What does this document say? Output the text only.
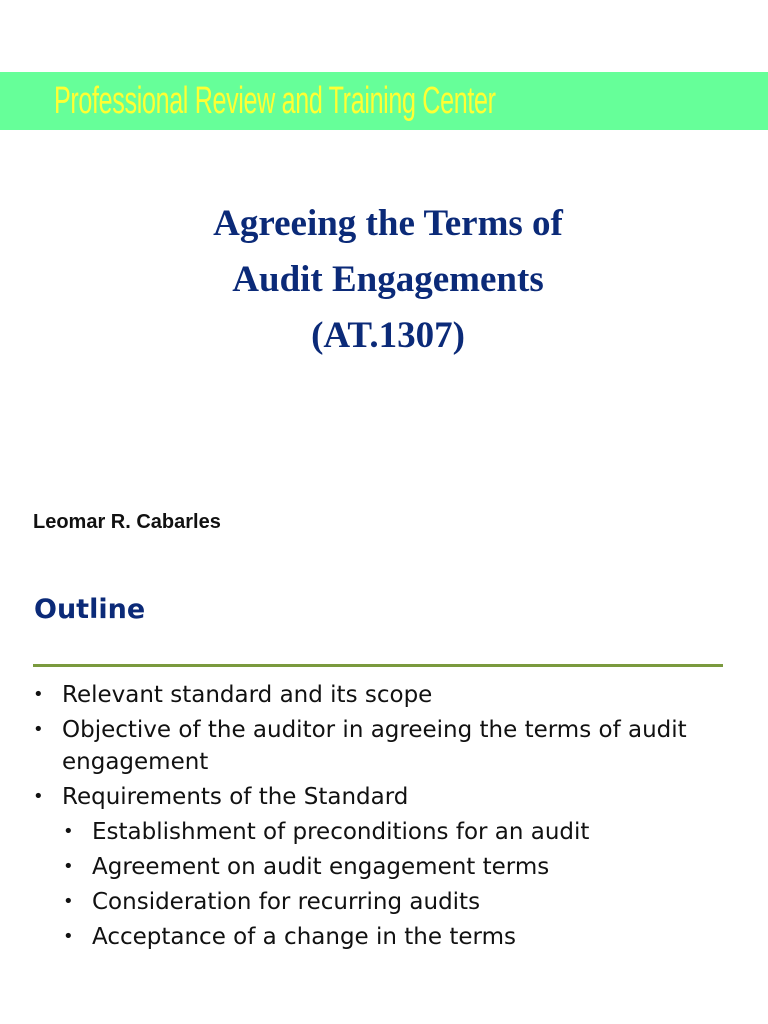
Professional Review and Training Center
Agreeing the Terms of
Audit Engagements
(AT.1307)
Leomar R. Cabarles
Outline
• Relevant standard and its scope
• Objective of the auditor in agreeing the terms of audit engagement
• Requirements of the Standard
• Establishment of preconditions for an audit
• Agreement on audit engagement terms
• Consideration for recurring audits
• Acceptance of a change in the terms
